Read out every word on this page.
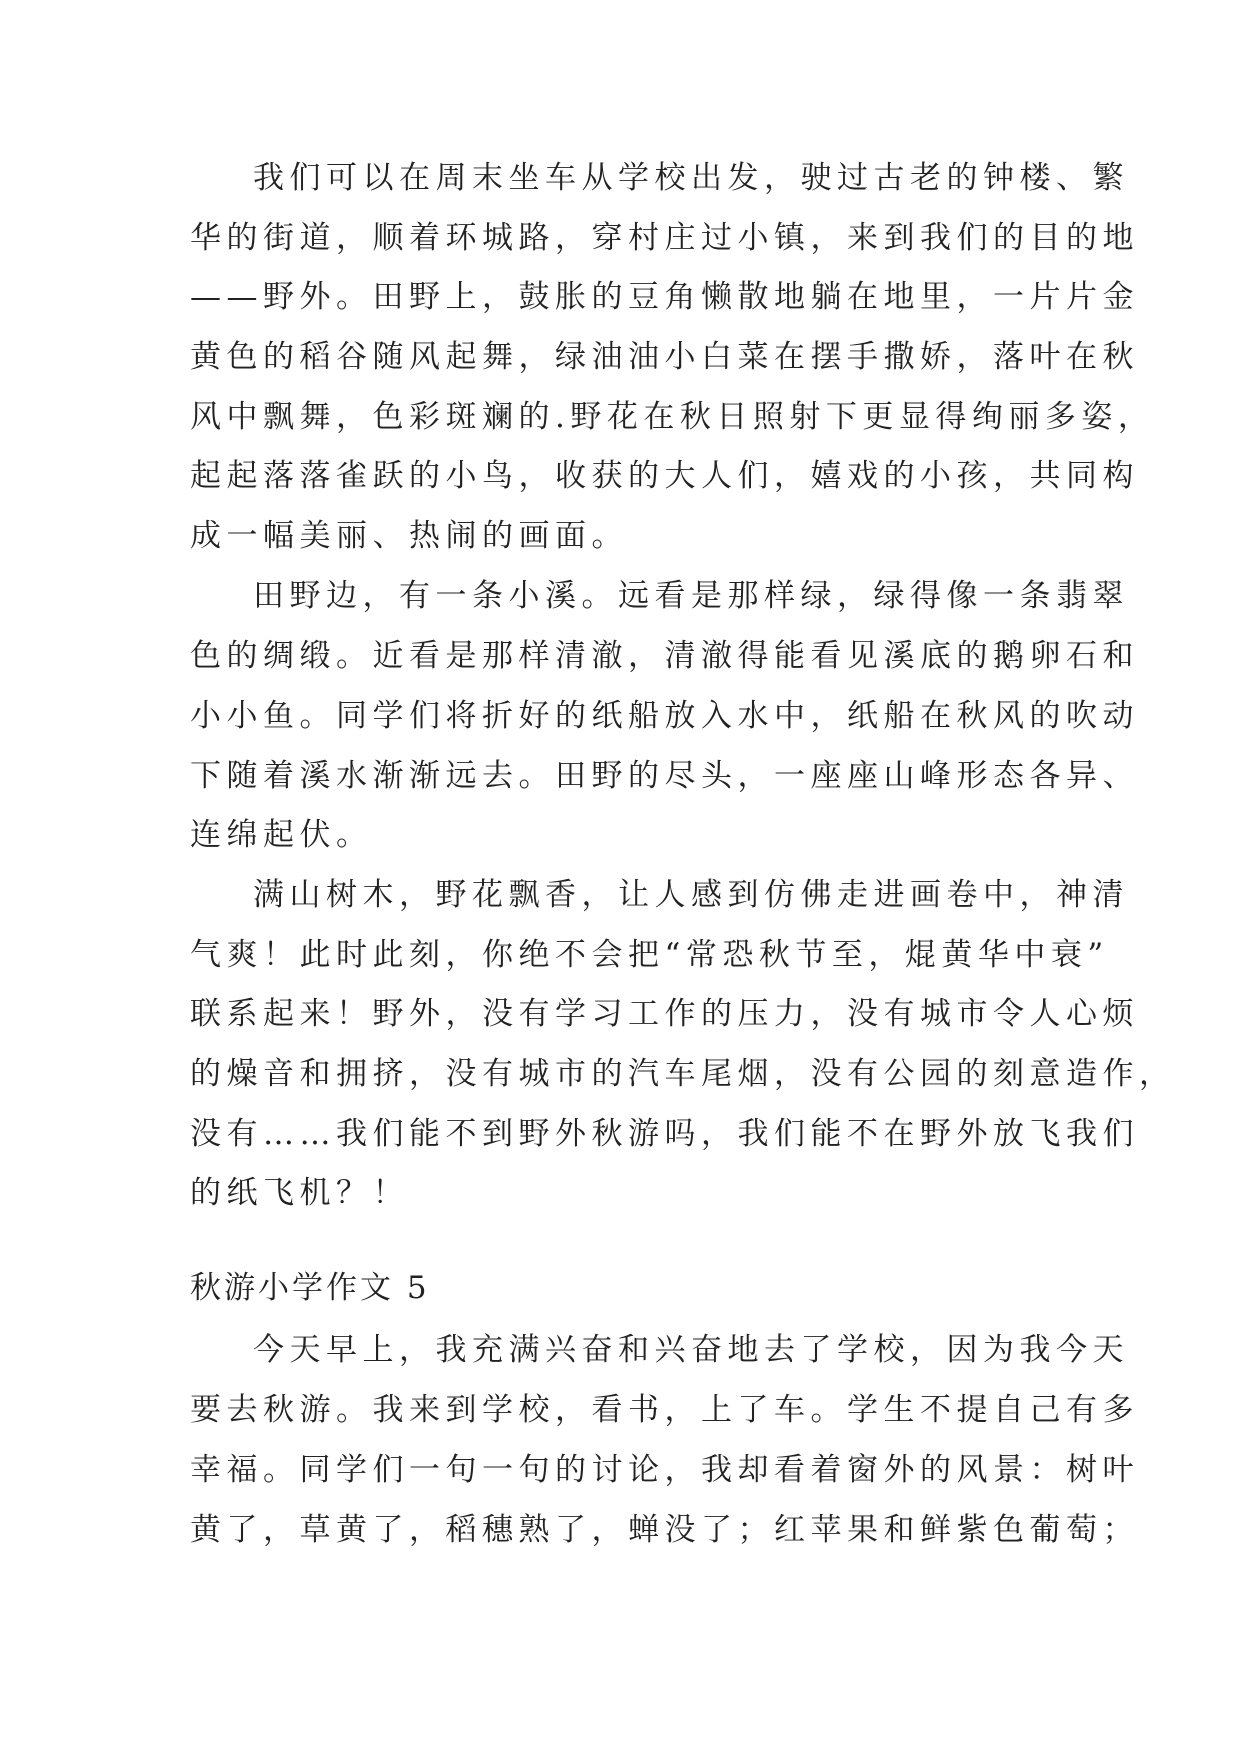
我们可以在周末坐车从学校出发，驶过古老的钟楼、繁
华的街道，顺着环城路，穿村庄过小镇，来到我们的目的地
——野外。田野上，鼓胀的豆角懒散地躺在地里，一片片金
黄色的稻谷随风起舞，绿油油小白菜在摆手撒娇，落叶在秋
风中飘舞，色彩斑斓的.野花在秋日照射下更显得绚丽多姿，
起起落落雀跃的小鸟，收获的大人们，嬉戏的小孩，共同构
成一幅美丽、热闹的画面。
田野边，有一条小溪。远看是那样绿，绿得像一条翡翠
色的绸缎。近看是那样清澈，清澈得能看见溪底的鹅卵石和
小小鱼。同学们将折好的纸船放入水中，纸船在秋风的吹动
下随着溪水渐渐远去。田野的尽头，一座座山峰形态各异、
连绵起伏。
满山树木，野花飘香，让人感到仿佛走进画卷中，神清
气爽！此时此刻，你绝不会把“常恐秋节至，焜黄华中衰”
联系起来！野外，没有学习工作的压力，没有城市令人心烦
的燥音和拥挤，没有城市的汽车尾烟，没有公园的刻意造作，
没有……我们能不到野外秋游吗，我们能不在野外放飞我们
的纸飞机？！
秋游小学作文 5
今天早上，我充满兴奋和兴奋地去了学校，因为我今天
要去秋游。我来到学校，看书，上了车。学生不提自己有多
幸福。同学们一句一句的讨论，我却看着窗外的风景：树叶
黄了，草黄了，稻穗熟了，蝉没了；红苹果和鲜紫色葡萄；
